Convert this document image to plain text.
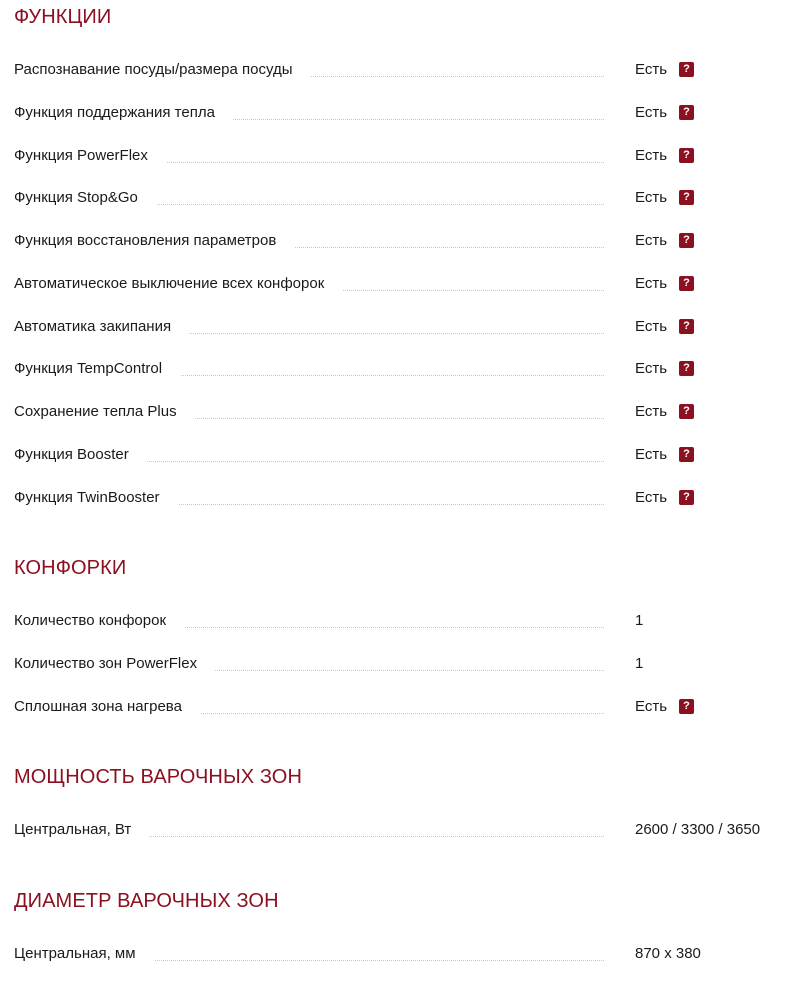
ФУНКЦИИ
Распознавание посуды/размера посуды	Есть	?
Функция поддержания тепла	Есть	?
Функция PowerFlex	Есть	?
Функция Stop&Go	Есть	?
Функция восстановления параметров	Есть	?
Автоматическое выключение всех конфорок	Есть	?
Автоматика закипания	Есть	?
Функция TempControl	Есть	?
Сохранение тепла Plus	Есть	?
Функция Booster	Есть	?
Функция TwinBooster	Есть	?
КОНФОРКИ
Количество конфорок	1
Количество зон PowerFlex	1
Сплошная зона нагрева	Есть	?
МОЩНОСТЬ ВАРОЧНЫХ ЗОН
Центральная, Вт	2600 / 3300 / 3650
ДИАМЕТР ВАРОЧНЫХ ЗОН
Центральная, мм	870 x 380
